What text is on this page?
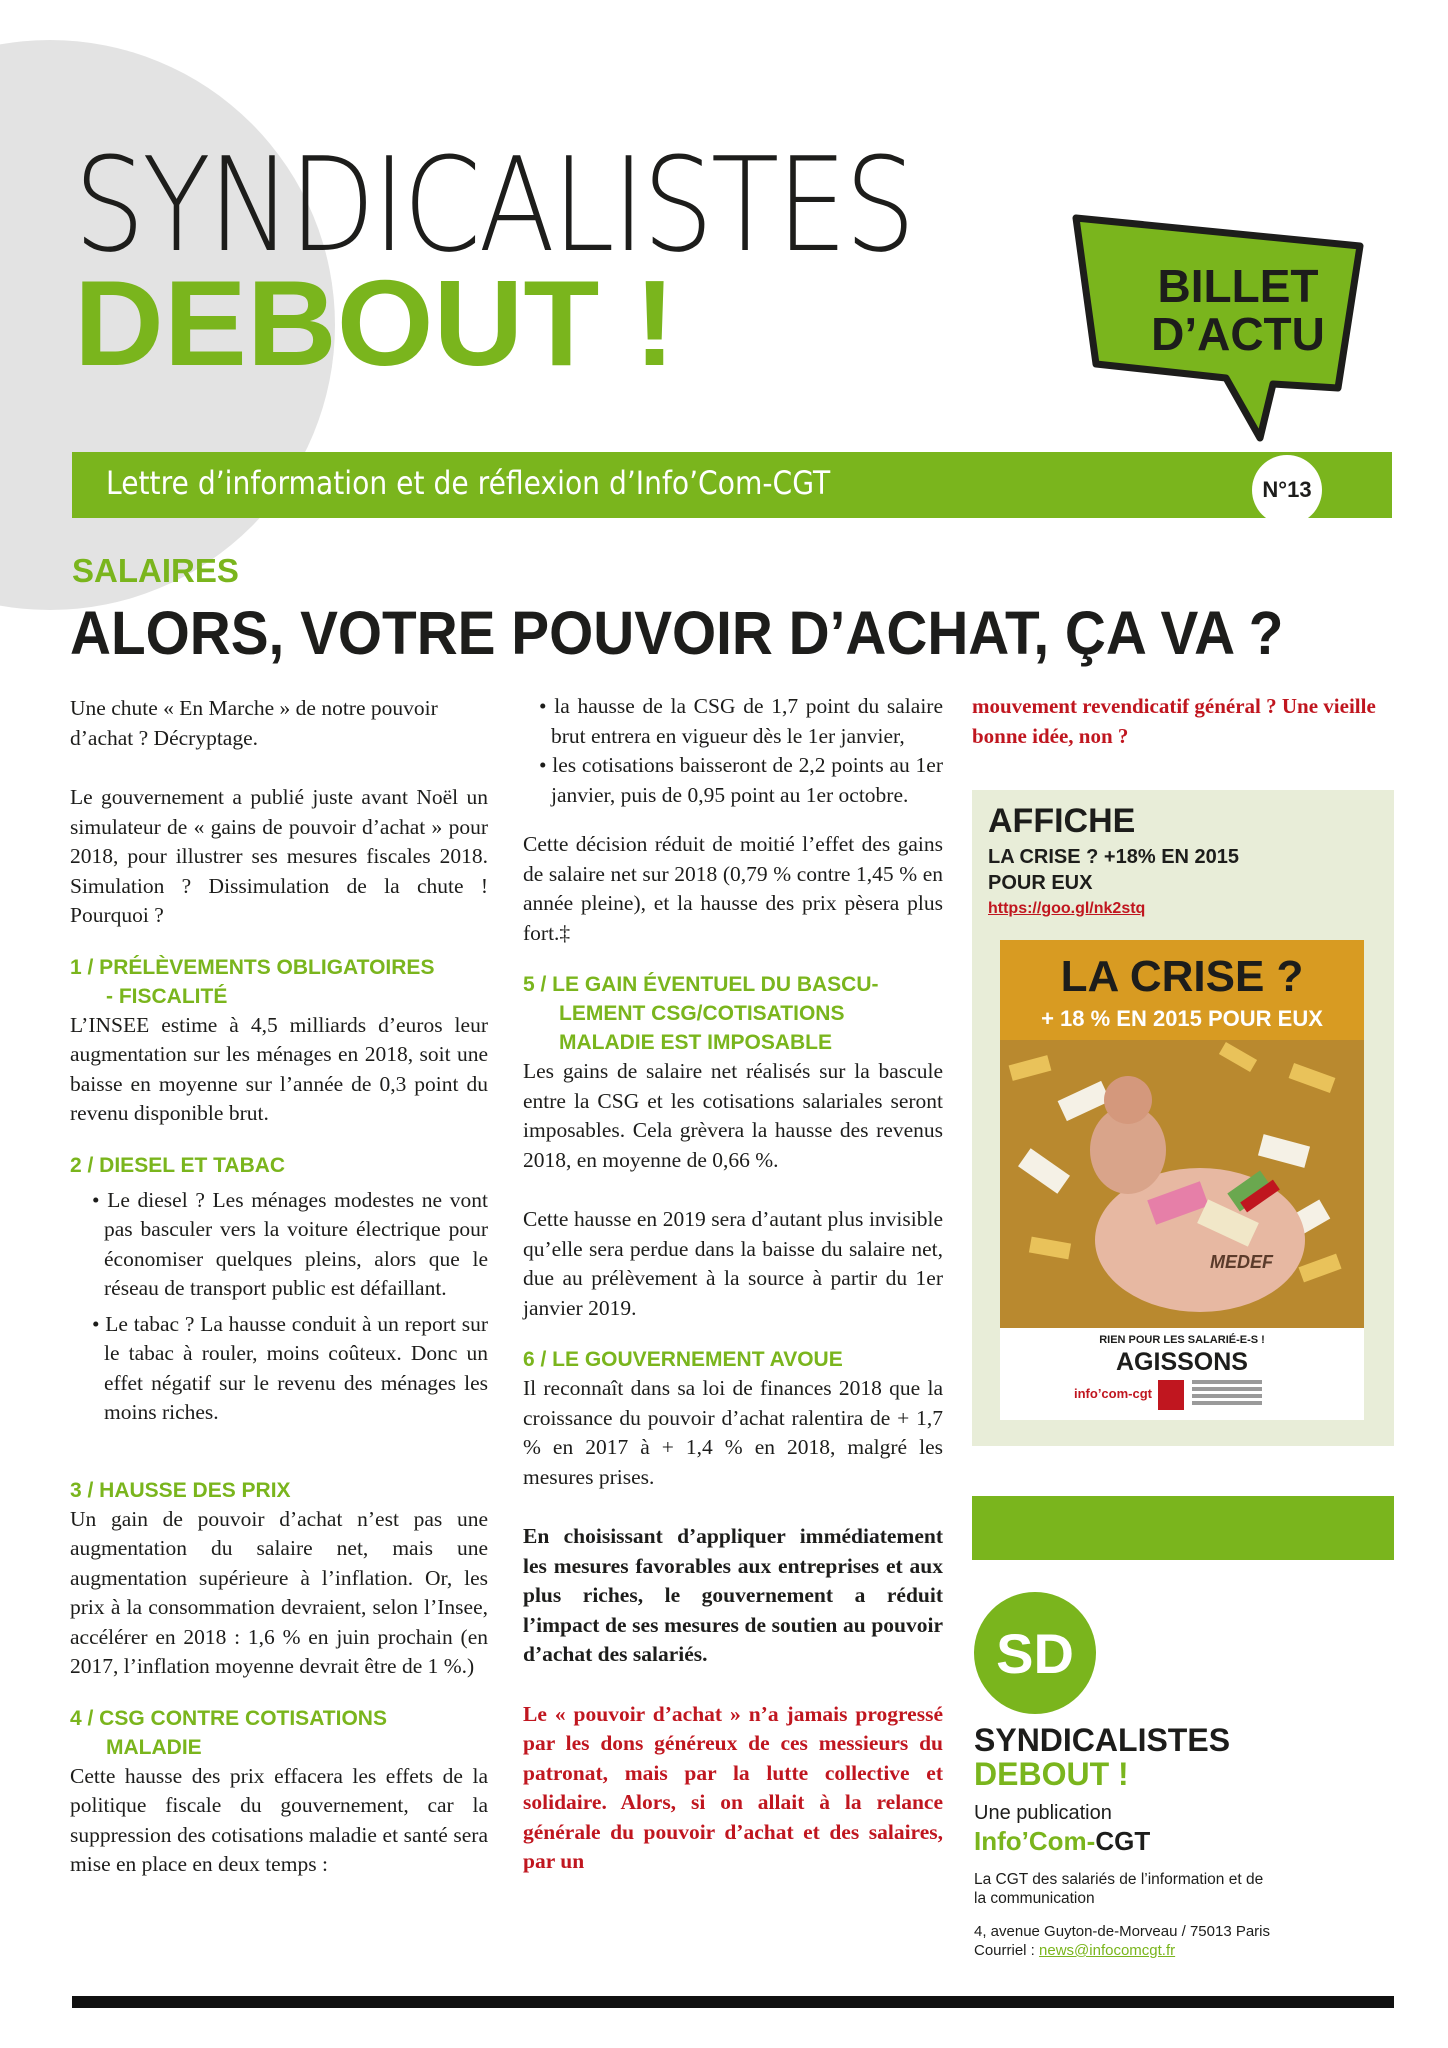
SYNDICALISTES
DEBOUT !	BILLET
D’ACTU

Lettre d’information et de réflexion d’Info’Com-CGT	N°13

SALAIRES

ALORS, VOTRE POUVOIR D’ACHAT, ÇA VA ?

Une chute « En Marche » de notre pouvoir d’achat ? Décryptage.

Le gouvernement a publié juste avant Noël un simulateur de « gains de pouvoir d’achat » pour 2018, pour illustrer ses mesures fiscales 2018. Simulation ? Dissimulation de la chute ! Pourquoi ?

1 / PRÉLÈVEMENTS OBLIGATOIRES
- FISCALITÉ

L’INSEE estime à 4,5 milliards d’euros leur augmentation sur les ménages en 2018, soit une baisse en moyenne sur l’année de 0,3 point du revenu disponible brut.

2 / DIESEL ET TABAC

• Le diesel ? Les ménages modestes ne vont pas basculer vers la voiture électrique pour économiser quelques pleins, alors que le réseau de transport public est défaillant.

• Le tabac ? La hausse conduit à un report sur le tabac à rouler, moins coûteux. Donc un effet négatif sur le revenu des ménages les moins riches.

3 / HAUSSE DES PRIX

Un gain de pouvoir d’achat n’est pas une augmentation du salaire net, mais une augmentation supérieure à l’inflation. Or, les prix à la consommation devraient, selon l’Insee, accélérer en 2018 : 1,6 % en juin prochain (en 2017, l’inflation moyenne devrait être de 1 %.)

4 / CSG CONTRE COTISATIONS
MALADIE

Cette hausse des prix effacera les effets de la politique fiscale du gouvernement, car la suppression des cotisations maladie et santé sera mise en place en deux temps :

• la hausse de la CSG de 1,7 point du salaire brut entrera en vigueur dès le 1er janvier,

• les cotisations baisseront de 2,2 points au 1er janvier, puis de 0,95 point au 1er octobre.

Cette décision réduit de moitié l’effet des gains de salaire net sur 2018 (0,79 % contre 1,45 % en année pleine), et la hausse des prix pèsera plus fort.‡

5 / LE GAIN ÉVENTUEL DU BASCU-
LEMENT CSG/COTISATIONS
MALADIE EST IMPOSABLE

Les gains de salaire net réalisés sur la bascule entre la CSG et les cotisations salariales seront imposables. Cela grèvera la hausse des revenus 2018, en moyenne de 0,66 %.

Cette hausse en 2019 sera d’autant plus invisible qu’elle sera perdue dans la baisse du salaire net, due au prélèvement à la source à partir du 1er janvier 2019.

6 / LE GOUVERNEMENT AVOUE

Il reconnaît dans sa loi de finances 2018 que la croissance du pouvoir d’achat ralentira de + 1,7 % en 2017 à + 1,4 % en 2018, malgré les mesures prises.

En choisissant d’appliquer immédiatement les mesures favorables aux entreprises et aux plus riches, le gouvernement a réduit l’impact de ses mesures de soutien au pouvoir d’achat des salariés.

Le « pouvoir d’achat » n’a jamais progressé par les dons généreux de ces messieurs du patronat, mais par la lutte collective et solidaire. Alors, si on allait à la relance générale du pouvoir d’achat et des salaires, par un

mouvement revendicatif général ? Une vieille bonne idée, non ?

AFFICHE

LA CRISE ? +18% EN 2015
POUR EUX

https://goo.gl/nk2stq

LA CRISE ?

+ 18 % EN 2015 POUR EUX

MEDEF

RIEN POUR LES SALARIÉ-E-S !

AGISSONS

info’com-cgt

SD

SYNDICALISTES

DEBOUT !

Une publication

Info’Com-CGT

La CGT des salariés de l’information et de la communication

4, avenue Guyton-de-Morveau / 75013 Paris
Courriel : news@infocomcgt.fr
